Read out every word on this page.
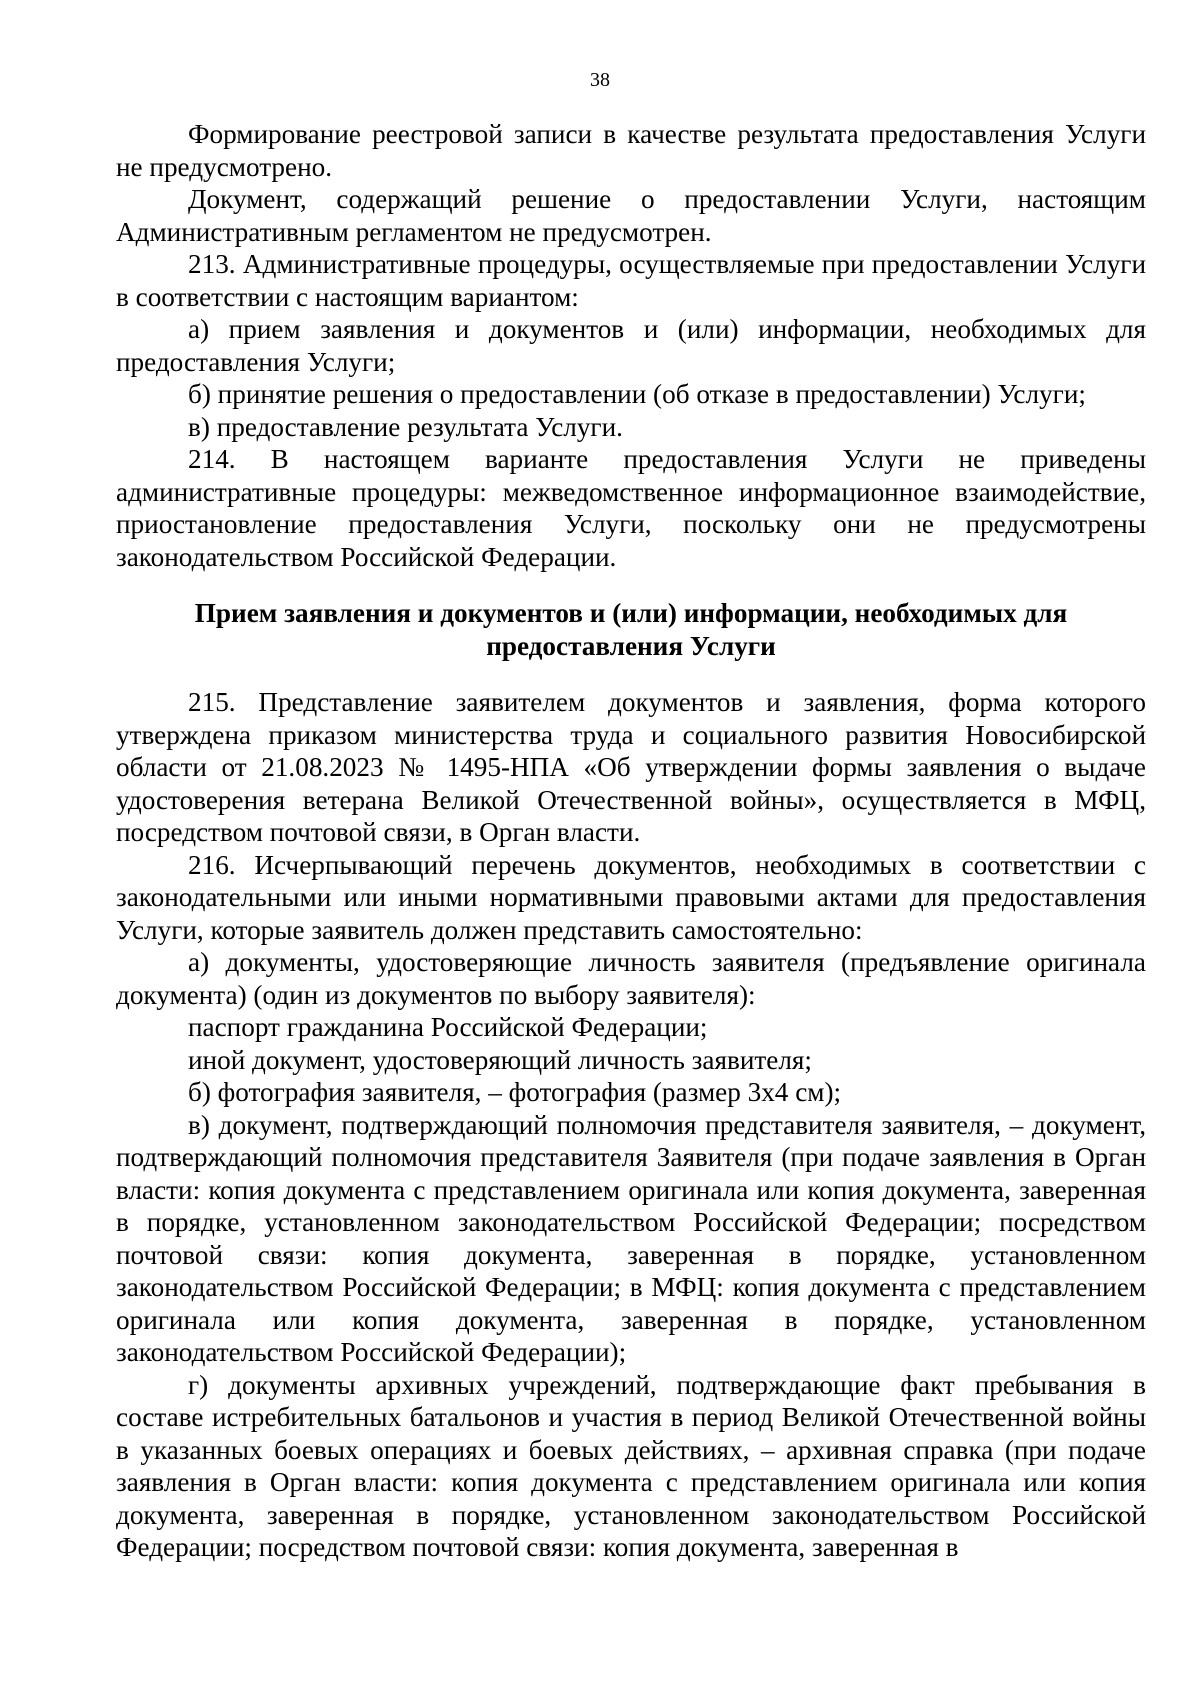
38

Формирование реестровой записи в качестве результата предоставления Услуги не предусмотрено.

Документ, содержащий решение о предоставлении Услуги, настоящим Административным регламентом не предусмотрен.

213. Административные процедуры, осуществляемые при предоставлении Услуги в соответствии с настоящим вариантом:

а) прием заявления и документов и (или) информации, необходимых для предоставления Услуги;

б) принятие решения о предоставлении (об отказе в предоставлении) Услуги;

в) предоставление результата Услуги.

214. В настоящем варианте предоставления Услуги не приведены административные процедуры: межведомственное информационное взаимодействие, приостановление предоставления Услуги, поскольку они не предусмотрены законодательством Российской Федерации.

Прием заявления и документов и (или) информации, необходимых для
предоставления Услуги

215. Представление заявителем документов и заявления, форма которого утверждена приказом министерства труда и социального развития Новосибирской области от 21.08.2023 № 1495-НПА «Об утверждении формы заявления о выдаче удостоверения ветерана Великой Отечественной войны», осуществляется в МФЦ, посредством почтовой связи, в Орган власти.

216. Исчерпывающий перечень документов, необходимых в соответствии с законодательными или иными нормативными правовыми актами для предоставления Услуги, которые заявитель должен представить самостоятельно:

а) документы, удостоверяющие личность заявителя (предъявление оригинала документа) (один из документов по выбору заявителя):

паспорт гражданина Российской Федерации;

иной документ, удостоверяющий личность заявителя;

б) фотография заявителя, – фотография (размер 3х4 см);

в) документ, подтверждающий полномочия представителя заявителя, – документ, подтверждающий полномочия представителя Заявителя (при подаче заявления в Орган власти: копия документа с представлением оригинала или копия документа, заверенная в порядке, установленном законодательством Российской Федерации; посредством почтовой связи: копия документа, заверенная в порядке, установленном законодательством Российской Федерации; в МФЦ: копия документа с представлением оригинала или копия документа, заверенная в порядке, установленном законодательством Российской Федерации);

г) документы архивных учреждений, подтверждающие факт пребывания в составе истребительных батальонов и участия в период Великой Отечественной войны в указанных боевых операциях и боевых действиях, – архивная справка (при подаче заявления в Орган власти: копия документа с представлением оригинала или копия документа, заверенная в порядке, установленном законодательством Российской Федерации; посредством почтовой связи: копия документа, заверенная в
